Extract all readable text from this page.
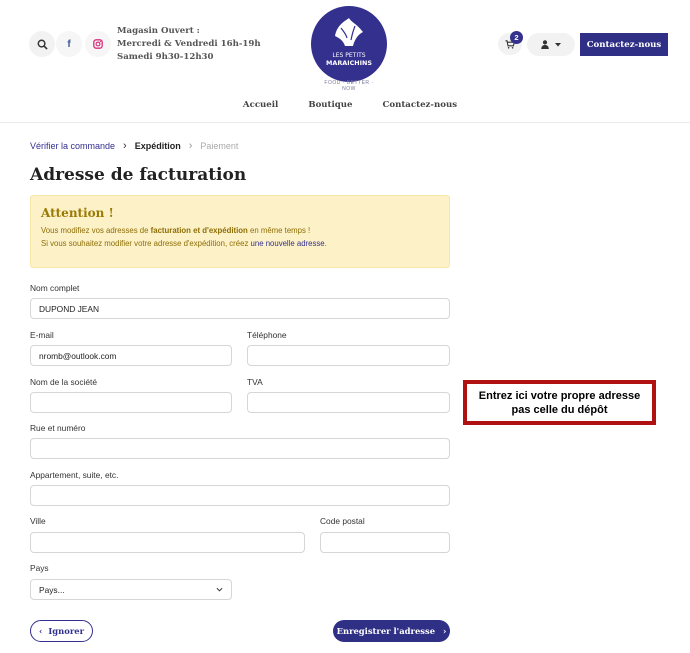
f
Magasin Ouvert :
Mercredi & Vendredi 16h-19h
Samedi 9h30-12h30	LES PETITS
MARAICHINS
FOOD · BETTER · NOW
2
Contactez-nous
Accueil	Boutique	Contactez-nous
Vérifier la commande › Expédition › Paiement
Adresse de facturation
Attention !
Vous modifiez vos adresses de facturation et d'expédition en même temps !
Si vous souhaitez modifier votre adresse d'expédition, créez une nouvelle adresse.
Nom complet
DUPOND JEAN
E-mail
nromb@outlook.com
Téléphone
Nom de la société	TVA
Rue et numéro
Appartement, suite, etc.
Ville	Code postal
Pays
Pays...
‹ Ignorer	Enregistrer l'adresse ›
Entrez ici votre propre adresse
pas celle du dépôt
